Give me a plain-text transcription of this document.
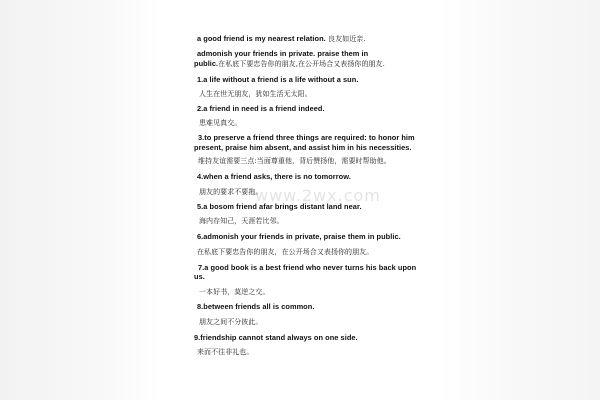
www.2wx.com
a good friend is my nearest relation. 良友如近亲.
admonish your friends in private. praise them in
public.在私底下要忠告你的朋友,在公开场合又表扬你的朋友.
1.a life without a friend is a life without a sun.
人生在世无朋友，犹如生活无太阳。
2.a friend in need is a friend indeed.
患难见真交。
3.to preserve a friend three things are required: to honor him
present, praise him absent, and assist him in his necessities.
维持友谊需要三点:当面尊重他，背后赞扬他，需要时帮助他。
4.when a friend asks, there is no tomorrow.
朋友的要求不要拖。
5.a bosom friend afar brings distant land near.
海内存知己，天涯若比邻。
6.admonish your friends in private, praise them in public.
在私底下要忠告你的朋友，在公开场合又表扬你的朋友。
7.a good book is a best friend who never turns his back upon
us.
一本好书，莫逆之交。
8.between friends all is common.
朋友之间不分彼此。
9.friendship cannot stand always on one side.
来而不往非礼也。
